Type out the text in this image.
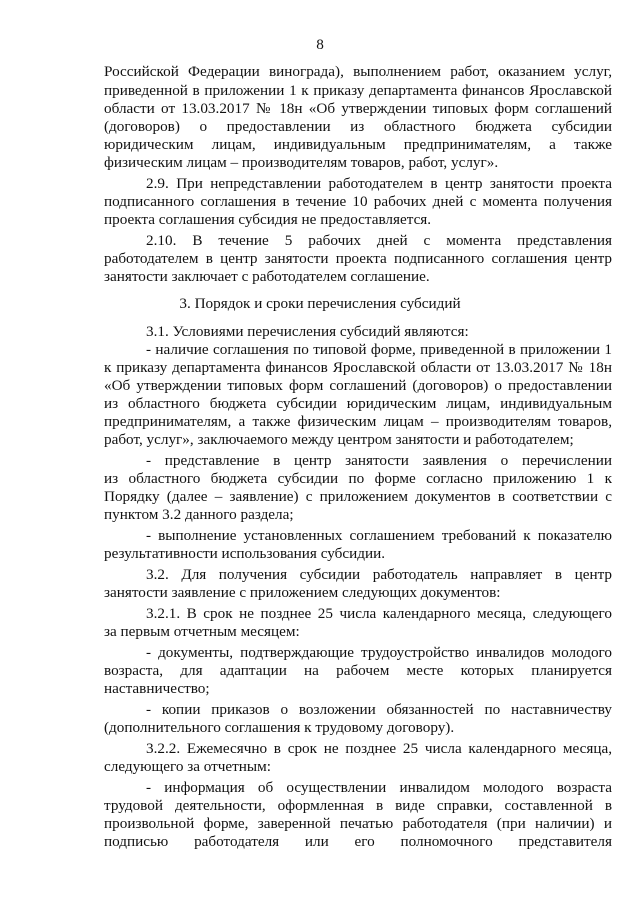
8
Российской Федерации винограда), выполнением работ, оказанием услуг,
приведенной в приложении 1 к приказу департамента финансов Ярославской
области от 13.03.2017 № 18н «Об утверждении типовых форм соглашений
(договоров) о предоставлении из областного бюджета субсидии
юридическим лицам, индивидуальным предпринимателям, а также
физическим лицам – производителям товаров, работ, услуг».
2.9. При непредставлении работодателем в центр занятости проекта
подписанного соглашения в течение 10 рабочих дней с момента получения
проекта соглашения субсидия не предоставляется.
2.10. В течение 5 рабочих дней с момента представления
работодателем в центр занятости проекта подписанного соглашения центр
занятости заключает с работодателем соглашение.
3. Порядок и сроки перечисления субсидий
3.1. Условиями перечисления субсидий являются:
- наличие соглашения по типовой форме, приведенной в приложении 1
к приказу департамента финансов Ярославской области от 13.03.2017 № 18н
«Об утверждении типовых форм соглашений (договоров) о предоставлении
из областного бюджета субсидии юридическим лицам, индивидуальным
предпринимателям, а также физическим лицам – производителям товаров,
работ, услуг», заключаемого между центром занятости и работодателем;
- представление в центр занятости заявления о перечислении
из областного бюджета субсидии по форме согласно приложению 1 к
Порядку (далее – заявление) с приложением документов в соответствии с
пунктом 3.2 данного раздела;
- выполнение установленных соглашением требований к показателю
результативности использования субсидии.
3.2. Для получения субсидии работодатель направляет в центр
занятости заявление с приложением следующих документов:
3.2.1. В срок не позднее 25 числа календарного месяца, следующего
за первым отчетным месяцем:
- документы, подтверждающие трудоустройство инвалидов молодого
возраста, для адаптации на рабочем месте которых планируется
наставничество;
- копии приказов о возложении обязанностей по наставничеству
(дополнительного соглашения к трудовому договору).
3.2.2. Ежемесячно в срок не позднее 25 числа календарного месяца,
следующего за отчетным:
- информация об осуществлении инвалидом молодого возраста
трудовой деятельности, оформленная в виде справки, составленной в
произвольной форме, заверенной печатью работодателя (при наличии) и
подписью работодателя или его полномочного представителя
